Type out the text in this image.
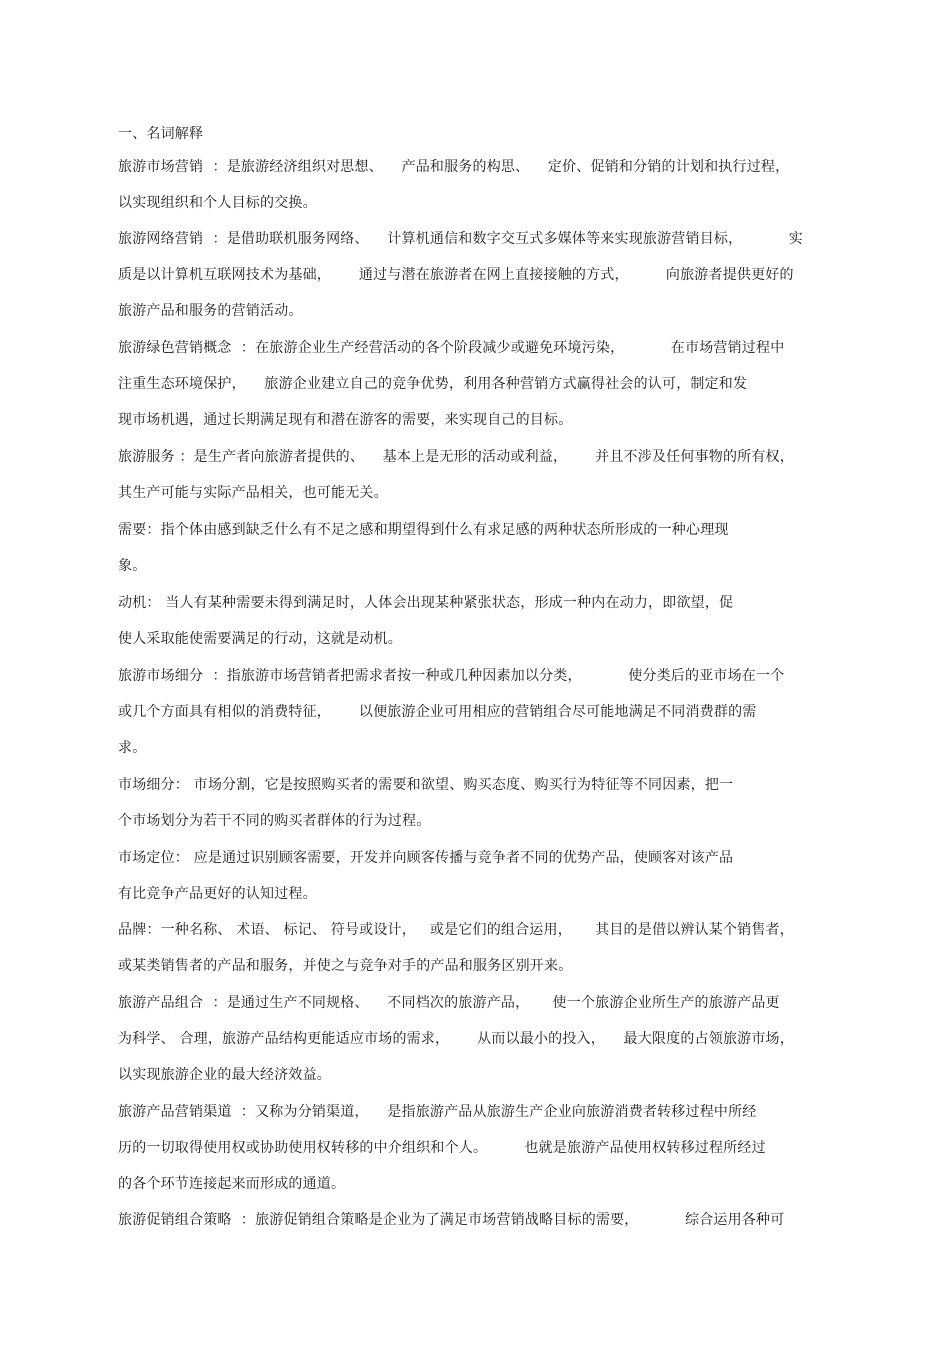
一、名词解释
旅游市场营销  ：是旅游经济组织对思想、    产品和服务的构思、    定价、促销和分销的计划和执行过程，
以实现组织和个人目标的交换。
旅游网络营销  ：是借助联机服务网络、    计算机通信和数字交互式多媒体等来实现旅游营销目标，          实
质是以计算机互联网技术为基础，      通过与潜在旅游者在网上直接接触的方式，        向旅游者提供更好的
旅游产品和服务的营销活动。
旅游绿色营销概念  ：在旅游企业生产经营活动的各个阶段减少或避免环境污染，          在市场营销过程中
注重生态环境保护，    旅游企业建立自己的竞争优势，利用各种营销方式赢得社会的认可，制定和发
现市场机遇，通过长期满足现有和潜在游客的需要，来实现自己的目标。
旅游服务 ：是生产者向旅游者提供的、    基本上是无形的活动或利益，      并且不涉及任何事物的所有权，
其生产可能与实际产品相关，也可能无关。
需要：指个体由感到缺乏什么有不足之感和期望得到什么有求足感的两种状态所形成的一种心理现
象。
动机： 当人有某种需要未得到满足时，人体会出现某种紧张状态，形成一种内在动力，即欲望，促
使人采取能使需要满足的行动，这就是动机。
旅游市场细分  ：指旅游市场营销者把需求者按一种或几种因素加以分类，          使分类后的亚市场在一个
或几个方面具有相似的消费特征，      以便旅游企业可用相应的营销组合尽可能地满足不同消费群的需
求。
市场细分： 市场分割，它是按照购买者的需要和欲望、购买态度、购买行为特征等不同因素，把一
个市场划分为若干不同的购买者群体的行为过程。
市场定位： 应是通过识别顾客需要，开发并向顾客传播与竞争者不同的优势产品，使顾客对该产品
有比竞争产品更好的认知过程。
品牌：一种名称、 术语、 标记、 符号或设计，   或是它们的组合运用，     其目的是借以辨认某个销售者，
或某类销售者的产品和服务，并使之与竞争对手的产品和服务区别开来。
旅游产品组合  ：是通过生产不同规格、    不同档次的旅游产品，     使一个旅游企业所生产的旅游产品更
为科学、 合理，旅游产品结构更能适应市场的需求，      从而以最小的投入，    最大限度的占领旅游市场，
以实现旅游企业的最大经济效益。
旅游产品营销渠道  ：又称为分销渠道，    是指旅游产品从旅游生产企业向旅游消费者转移过程中所经
历的一切取得使用权或协助使用权转移的中介组织和个人。        也就是旅游产品使用权转移过程所经过
的各个环节连接起来而形成的通道。
旅游促销组合策略  ：旅游促销组合策略是企业为了满足市场营销战略目标的需要，          综合运用各种可
